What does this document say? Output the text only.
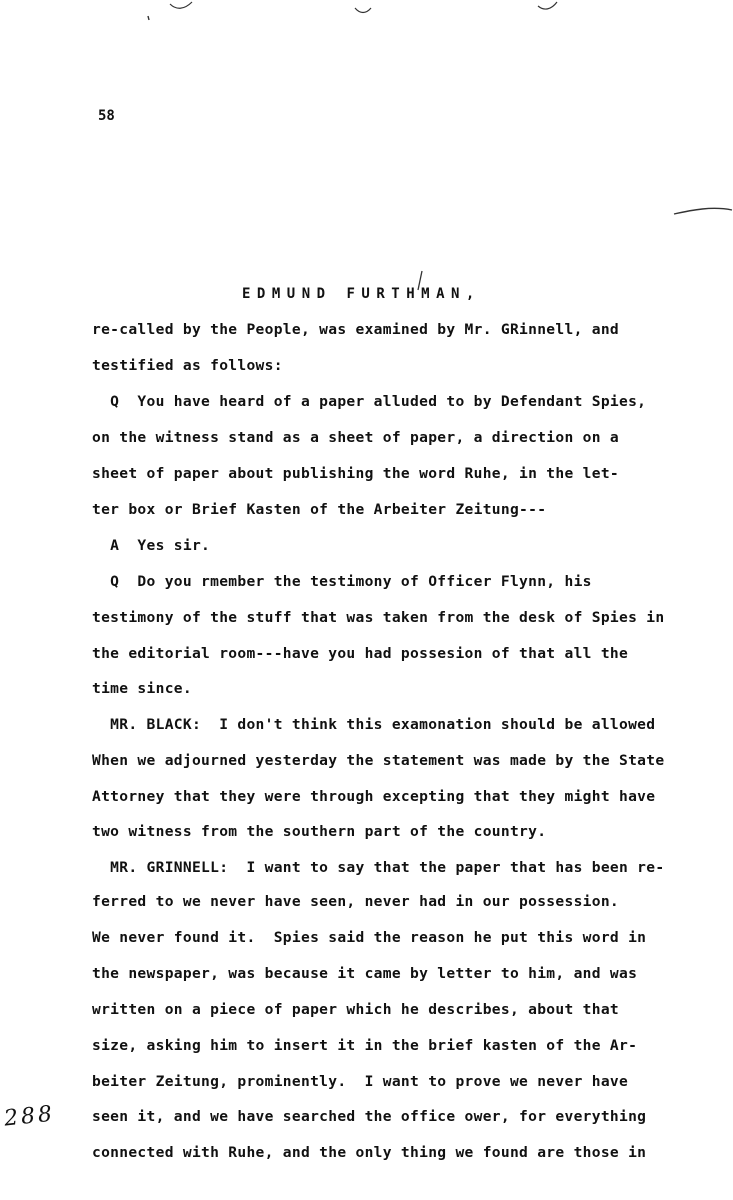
58
EDMUND FURTHMAN,
re-called by the People, was examined by Mr. GRinnell, and
testified as follows:
Q  You have heard of a paper alluded to by Defendant Spies,
on the witness stand as a sheet of paper, a direction on a
sheet of paper about publishing the word Ruhe, in the let-
ter box or Brief Kasten of the Arbeiter Zeitung---
A  Yes sir.
Q  Do you rmember the testimony of Officer Flynn, his
testimony of the stuff that was taken from the desk of Spies in
the editorial room---have you had possesion of that all the
time since.
MR. BLACK:  I don't think this examonation should be allowed
When we adjourned yesterday the statement was made by the State
Attorney that they were through excepting that they might have
two witness from the southern part of the country.
MR. GRINNELL:  I want to say that the paper that has been re-
ferred to we never have seen, never had in our possession.
We never found it.  Spies said the reason he put this word in
the newspaper, was because it came by letter to him, and was
written on a piece of paper which he describes, about that
size, asking him to insert it in the brief kasten of the Ar-
beiter Zeitung, prominently.  I want to prove we never have
seen it, and we have searched the office ower, for everything
connected with Ruhe, and the only thing we found are those in
288
